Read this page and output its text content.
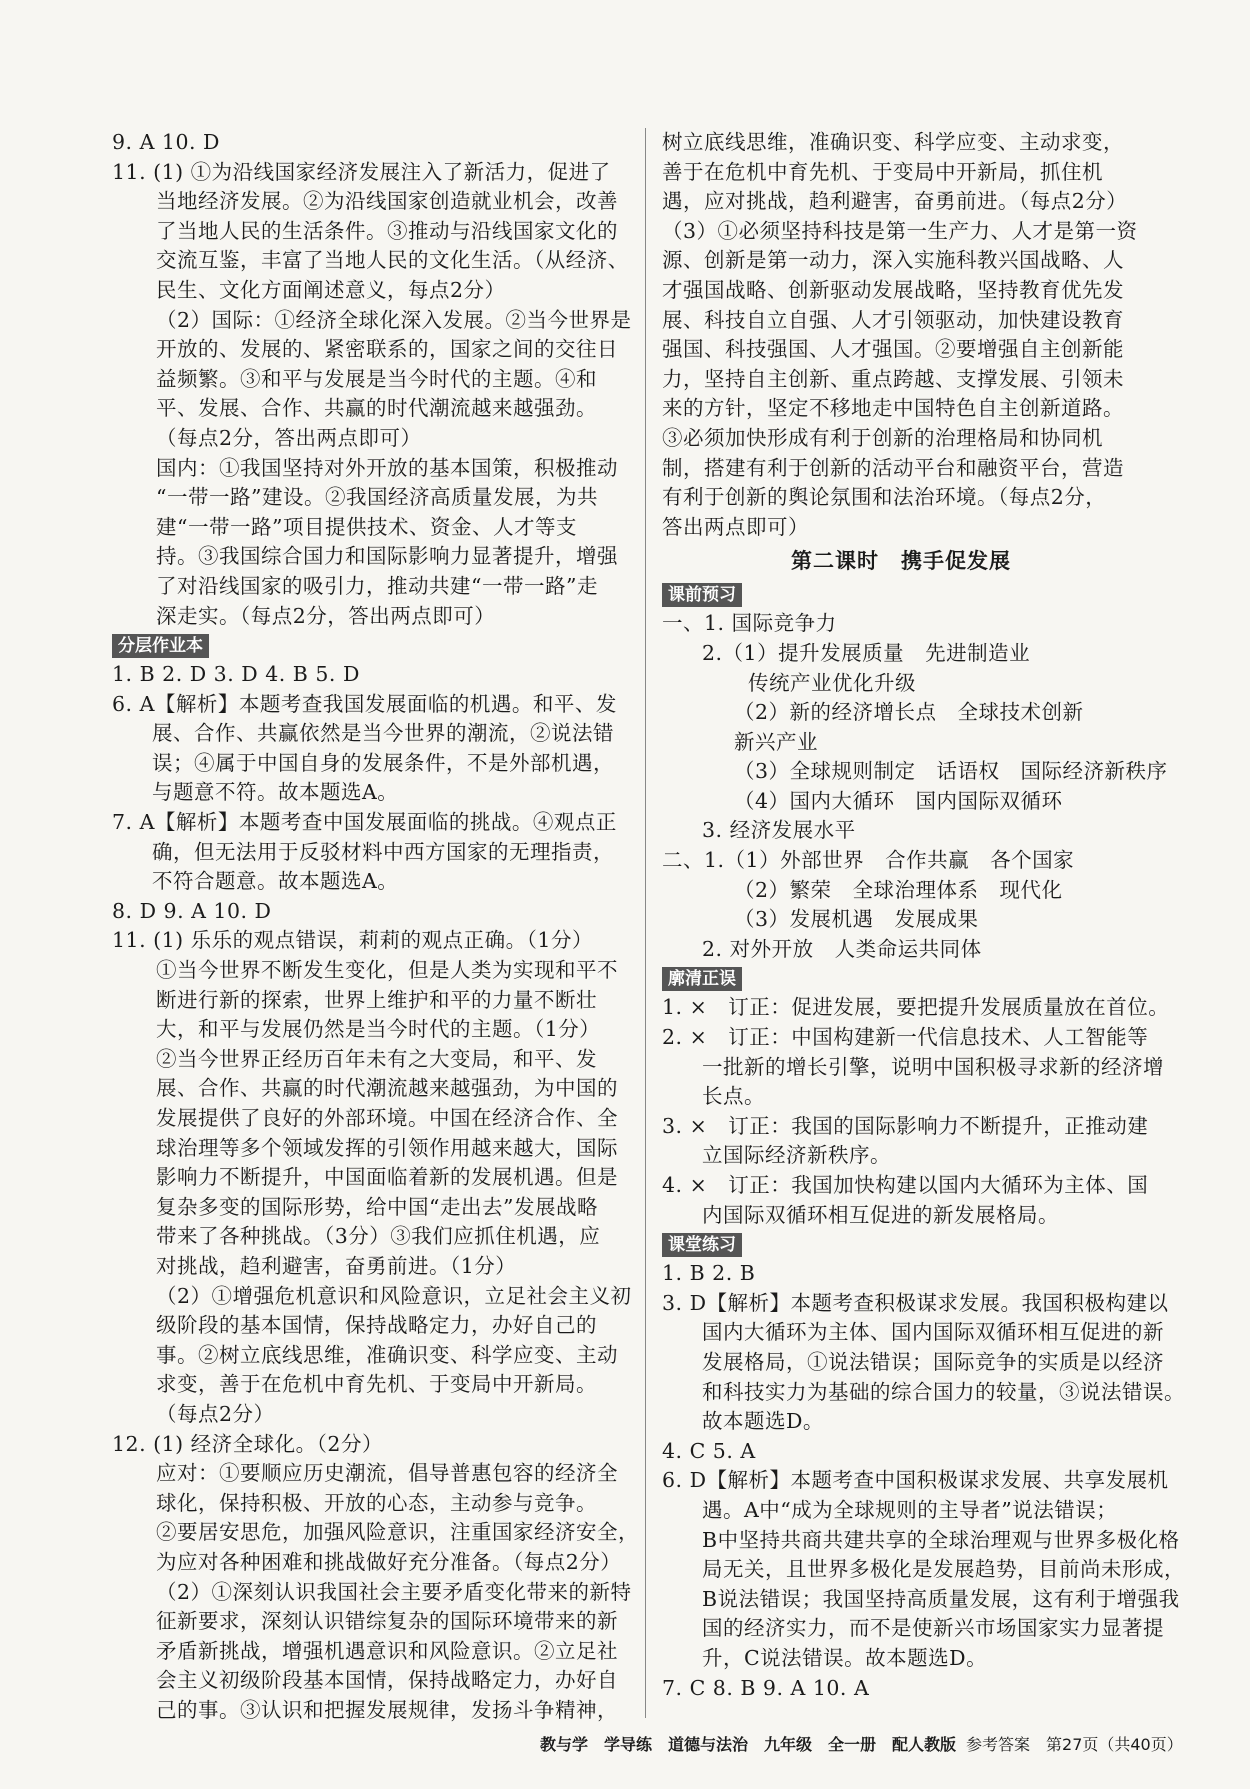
9. A 10. D
11. (1) ①为沿线国家经济发展注入了新活力，促进了
当地经济发展。②为沿线国家创造就业机会，改善
了当地人民的生活条件。③推动与沿线国家文化的
交流互鉴，丰富了当地人民的文化生活。（从经济、
民生、文化方面阐述意义，每点2分）
（2）国际：①经济全球化深入发展。②当今世界是
开放的、发展的、紧密联系的，国家之间的交往日
益频繁。③和平与发展是当今时代的主题。④和
平、发展、合作、共赢的时代潮流越来越强劲。
（每点2分，答出两点即可）
国内：①我国坚持对外开放的基本国策，积极推动
“一带一路”建设。②我国经济高质量发展，为共
建“一带一路”项目提供技术、资金、人才等支
持。③我国综合国力和国际影响力显著提升，增强
了对沿线国家的吸引力，推动共建“一带一路”走
深走实。（每点2分，答出两点即可）
分层作业本
1. B 2. D 3. D 4. B 5. D
6. A【解析】本题考查我国发展面临的机遇。和平、发
展、合作、共赢依然是当今世界的潮流，②说法错
误；④属于中国自身的发展条件，不是外部机遇，
与题意不符。故本题选A。
7. A【解析】本题考查中国发展面临的挑战。④观点正
确，但无法用于反驳材料中西方国家的无理指责，
不符合题意。故本题选A。
8. D 9. A 10. D
11. (1) 乐乐的观点错误，莉莉的观点正确。（1分）
①当今世界不断发生变化，但是人类为实现和平不
断进行新的探索，世界上维护和平的力量不断壮
大，和平与发展仍然是当今时代的主题。（1分）
②当今世界正经历百年未有之大变局，和平、发
展、合作、共赢的时代潮流越来越强劲，为中国的
发展提供了良好的外部环境。中国在经济合作、全
球治理等多个领域发挥的引领作用越来越大，国际
影响力不断提升，中国面临着新的发展机遇。但是
复杂多变的国际形势，给中国“走出去”发展战略
带来了各种挑战。（3分）③我们应抓住机遇，应
对挑战，趋利避害，奋勇前进。（1分）
（2）①增强危机意识和风险意识，立足社会主义初
级阶段的基本国情，保持战略定力，办好自己的
事。②树立底线思维，准确识变、科学应变、主动
求变，善于在危机中育先机、于变局中开新局。
（每点2分）
12. (1) 经济全球化。（2分）
应对：①要顺应历史潮流，倡导普惠包容的经济全
球化，保持积极、开放的心态，主动参与竞争。
②要居安思危，加强风险意识，注重国家经济安全，
为应对各种困难和挑战做好充分准备。（每点2分）
（2）①深刻认识我国社会主要矛盾变化带来的新特
征新要求，深刻认识错综复杂的国际环境带来的新
矛盾新挑战，增强机遇意识和风险意识。②立足社
会主义初级阶段基本国情，保持战略定力，办好自
己的事。③认识和把握发展规律，发扬斗争精神，
树立底线思维，准确识变、科学应变、主动求变，
善于在危机中育先机、于变局中开新局，抓住机
遇，应对挑战，趋利避害，奋勇前进。（每点2分）
（3）①必须坚持科技是第一生产力、人才是第一资
源、创新是第一动力，深入实施科教兴国战略、人
才强国战略、创新驱动发展战略，坚持教育优先发
展、科技自立自强、人才引领驱动，加快建设教育
强国、科技强国、人才强国。②要增强自主创新能
力，坚持自主创新、重点跨越、支撑发展、引领未
来的方针，坚定不移地走中国特色自主创新道路。
③必须加快形成有利于创新的治理格局和协同机
制，搭建有利于创新的活动平台和融资平台，营造
有利于创新的舆论氛围和法治环境。（每点2分，
答出两点即可）
第二课时　携手促发展
课前预习
一、1. 国际竞争力
2.（1）提升发展质量　先进制造业
传统产业优化升级
（2）新的经济增长点　全球技术创新
新兴产业
（3）全球规则制定　话语权　国际经济新秩序
（4）国内大循环　国内国际双循环
3. 经济发展水平
二、1.（1）外部世界　合作共赢　各个国家
（2）繁荣　全球治理体系　现代化
（3）发展机遇　发展成果
2. 对外开放　人类命运共同体
廓清正误
1. ×　订正：促进发展，要把提升发展质量放在首位。
2. ×　订正：中国构建新一代信息技术、人工智能等
一批新的增长引擎，说明中国积极寻求新的经济增
长点。
3. ×　订正：我国的国际影响力不断提升，正推动建
立国际经济新秩序。
4. ×　订正：我国加快构建以国内大循环为主体、国
内国际双循环相互促进的新发展格局。
课堂练习
1. B 2. B
3. D【解析】本题考查积极谋求发展。我国积极构建以
国内大循环为主体、国内国际双循环相互促进的新
发展格局，①说法错误；国际竞争的实质是以经济
和科技实力为基础的综合国力的较量，③说法错误。
故本题选D。
4. C 5. A
6. D【解析】本题考查中国积极谋求发展、共享发展机
遇。A中“成为全球规则的主导者”说法错误；
B中坚持共商共建共享的全球治理观与世界多极化格
局无关，且世界多极化是发展趋势，目前尚未形成，
B说法错误；我国坚持高质量发展，这有利于增强我
国的经济实力，而不是使新兴市场国家实力显著提
升，C说法错误。故本题选D。
7. C 8. B 9. A 10. A
教与学　学导练　道德与法治　九年级　全一册　配人教版 参考答案　第27页（共40页）
